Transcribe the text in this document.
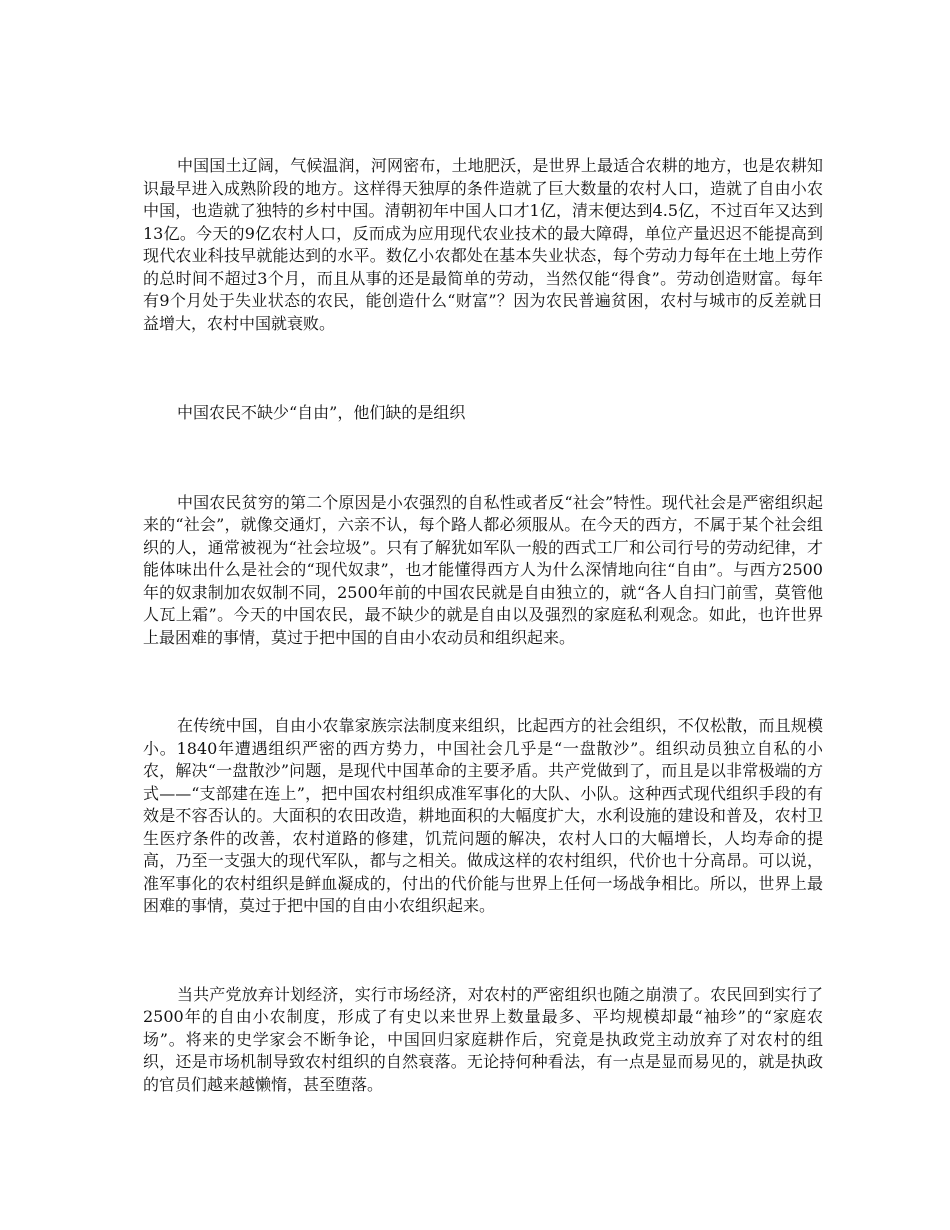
中国国土辽阔，气候温润，河网密布，土地肥沃，是世界上最适合农耕的地方，也是农耕知识最早进入成熟阶段的地方。这样得天独厚的条件造就了巨大数量的农村人口，造就了自由小农中国，也造就了独特的乡村中国。清朝初年中国人口才1亿，清末便达到4.5亿，不过百年又达到13亿。今天的9亿农村人口，反而成为应用现代农业技术的最大障碍，单位产量迟迟不能提高到现代农业科技早就能达到的水平。数亿小农都处在基本失业状态，每个劳动力每年在土地上劳作的总时间不超过3个月，而且从事的还是最简单的劳动，当然仅能“得食”。劳动创造财富。每年有9个月处于失业状态的农民，能创造什么“财富”？因为农民普遍贫困，农村与城市的反差就日益增大，农村中国就衰败。

中国农民不缺少“自由”，他们缺的是组织

中国农民贫穷的第二个原因是小农强烈的自私性或者反“社会”特性。现代社会是严密组织起来的“社会”，就像交通灯，六亲不认，每个路人都必须服从。在今天的西方，不属于某个社会组织的人，通常被视为“社会垃圾”。只有了解犹如军队一般的西式工厂和公司行号的劳动纪律，才能体味出什么是社会的“现代奴隶”，也才能懂得西方人为什么深情地向往“自由”。与西方2500年的奴隶制加农奴制不同，2500年前的中国农民就是自由独立的，就“各人自扫门前雪，莫管他人瓦上霜”。今天的中国农民，最不缺少的就是自由以及强烈的家庭私利观念。如此，也许世界上最困难的事情，莫过于把中国的自由小农动员和组织起来。

在传统中国，自由小农靠家族宗法制度来组织，比起西方的社会组织，不仅松散，而且规模小。1840年遭遇组织严密的西方势力，中国社会几乎是“一盘散沙”。组织动员独立自私的小农，解决“一盘散沙”问题，是现代中国革命的主要矛盾。共产党做到了，而且是以非常极端的方式——“支部建在连上”，把中国农村组织成准军事化的大队、小队。这种西式现代组织手段的有效是不容否认的。大面积的农田改造，耕地面积的大幅度扩大，水利设施的建设和普及，农村卫生医疗条件的改善，农村道路的修建，饥荒问题的解决，农村人口的大幅增长，人均寿命的提高，乃至一支强大的现代军队，都与之相关。做成这样的农村组织，代价也十分高昂。可以说，准军事化的农村组织是鲜血凝成的，付出的代价能与世界上任何一场战争相比。所以，世界上最困难的事情，莫过于把中国的自由小农组织起来。

当共产党放弃计划经济，实行市场经济，对农村的严密组织也随之崩溃了。农民回到实行了2500年的自由小农制度，形成了有史以来世界上数量最多、平均规模却最“袖珍”的“家庭农场”。将来的史学家会不断争论，中国回归家庭耕作后，究竟是执政党主动放弃了对农村的组织，还是市场机制导致农村组织的自然衰落。无论持何种看法，有一点是显而易见的，就是执政的官员们越来越懒惰，甚至堕落。
